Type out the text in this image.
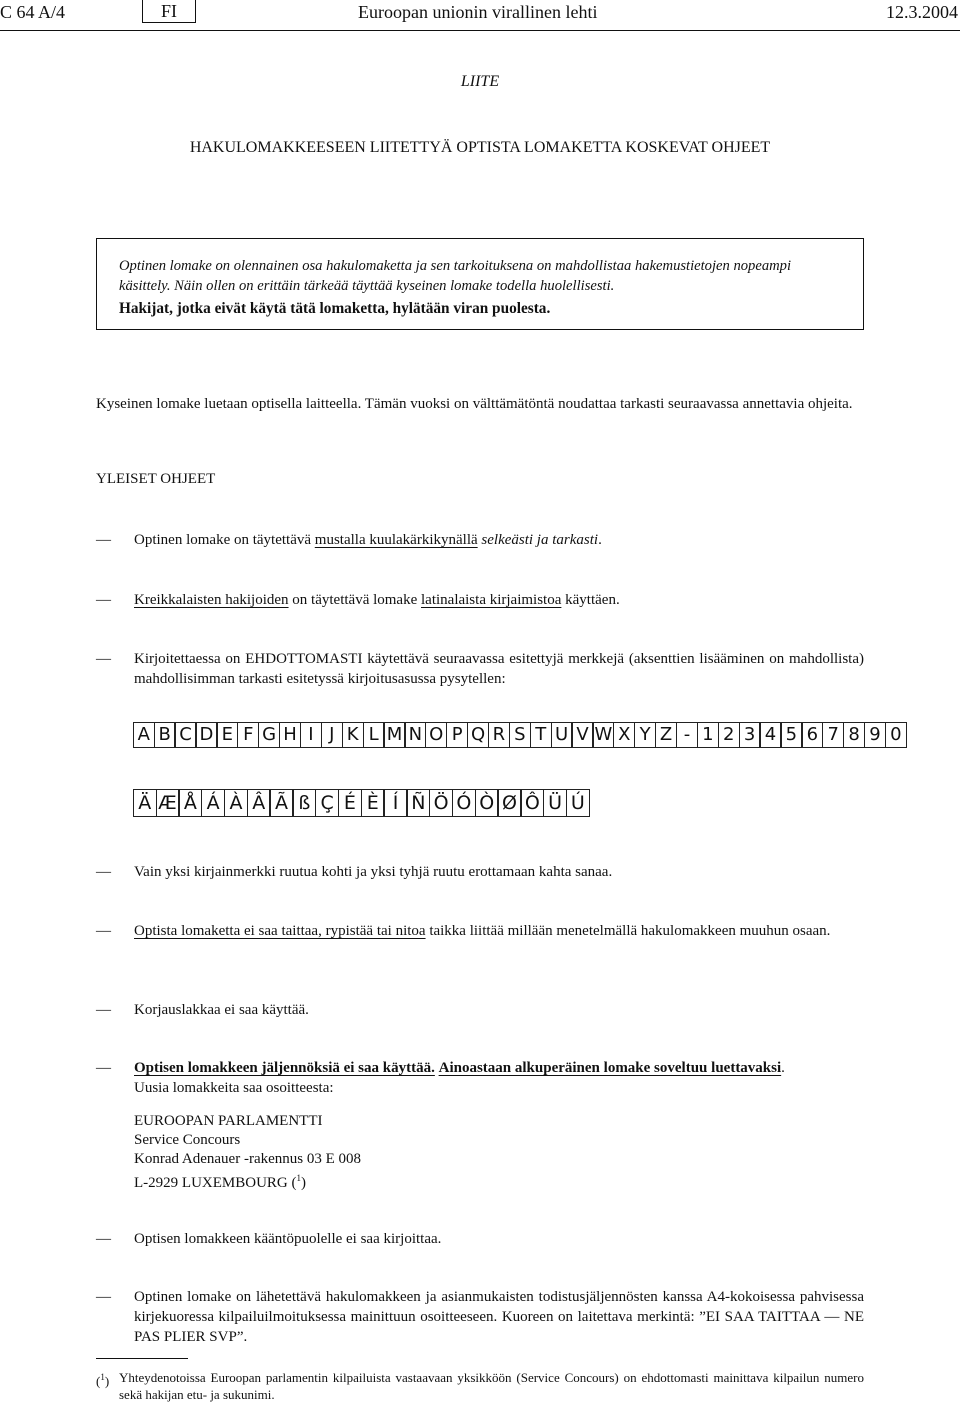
C 64 A/4	FI	Euroopan unionin virallinen lehti	12.3.2004
LIITE
HAKULOMAKKEESEEN LIITETTYÄ OPTISTA LOMAKETTA KOSKEVAT OHJEET
Optinen lomake on olennainen osa hakulomaketta ja sen tarkoituksena on mahdollistaa hakemustietojen nopeampi käsittely. Näin ollen on erittäin tärkeää täyttää kyseinen lomake todella huolellisesti.
Hakijat, jotka eivät käytä tätä lomaketta, hylätään viran puolesta.
Kyseinen lomake luetaan optisella laitteella. Tämän vuoksi on välttämätöntä noudattaa tarkasti seuraavassa annettavia ohjeita.
YLEISET OHJEET
— Optinen lomake on täytettävä mustalla kuulakärkikynällä selkeästi ja tarkasti.
— Kreikkalaisten hakijoiden on täytettävä lomake latinalaista kirjaimistoa käyttäen.
— Kirjoitettaessa on EHDOTTOMASTI käytettävä seuraavassa esitettyjä merkkejä (aksenttien lisääminen on mahdollista) mahdollisimman tarkasti esitetyssä kirjoitusasussa pysytellen:
A B C D E F G H I J K L M N O P Q R S T U V W X Y Z - 1 2 3 4 5 6 7 8 9 0
Ä Æ Å Á À Â Ã ß Ç É È Í Ñ Ö Ó Ò Ø Ô Ü Ú
— Vain yksi kirjainmerkki ruutua kohti ja yksi tyhjä ruutu erottamaan kahta sanaa.
— Optista lomaketta ei saa taittaa, rypistää tai nitoa taikka liittää millään menetelmällä hakulomakkeen muuhun osaan.
— Korjauslakkaa ei saa käyttää.
— Optisen lomakkeen jäljennöksiä ei saa käyttää. Ainoastaan alkuperäinen lomake soveltuu luettavaksi.
Uusia lomakkeita saa osoitteesta:
EUROOPAN PARLAMENTTI
Service Concours
Konrad Adenauer -rakennus 03 E 008
L-2929 LUXEMBOURG ($^1$)
— Optisen lomakkeen kääntöpuolelle ei saa kirjoittaa.
— Optinen lomake on lähetettävä hakulomakkeen ja asianmukaisten todistusjäljennösten kanssa A4-kokoisessa pahvisessa kirjekuoressa kilpailuilmoituksessa mainittuun osoitteeseen. Kuoreen on laitettava merkintä: ”EI SAA TAITTAA — NE PAS PLIER SVP”.
($^1$) Yhteydenotoissa Euroopan parlamentin kilpailuista vastaavaan yksikköön (Service Concours) on ehdottomasti mainittava kilpailun numero sekä hakijan etu- ja sukunimi.
